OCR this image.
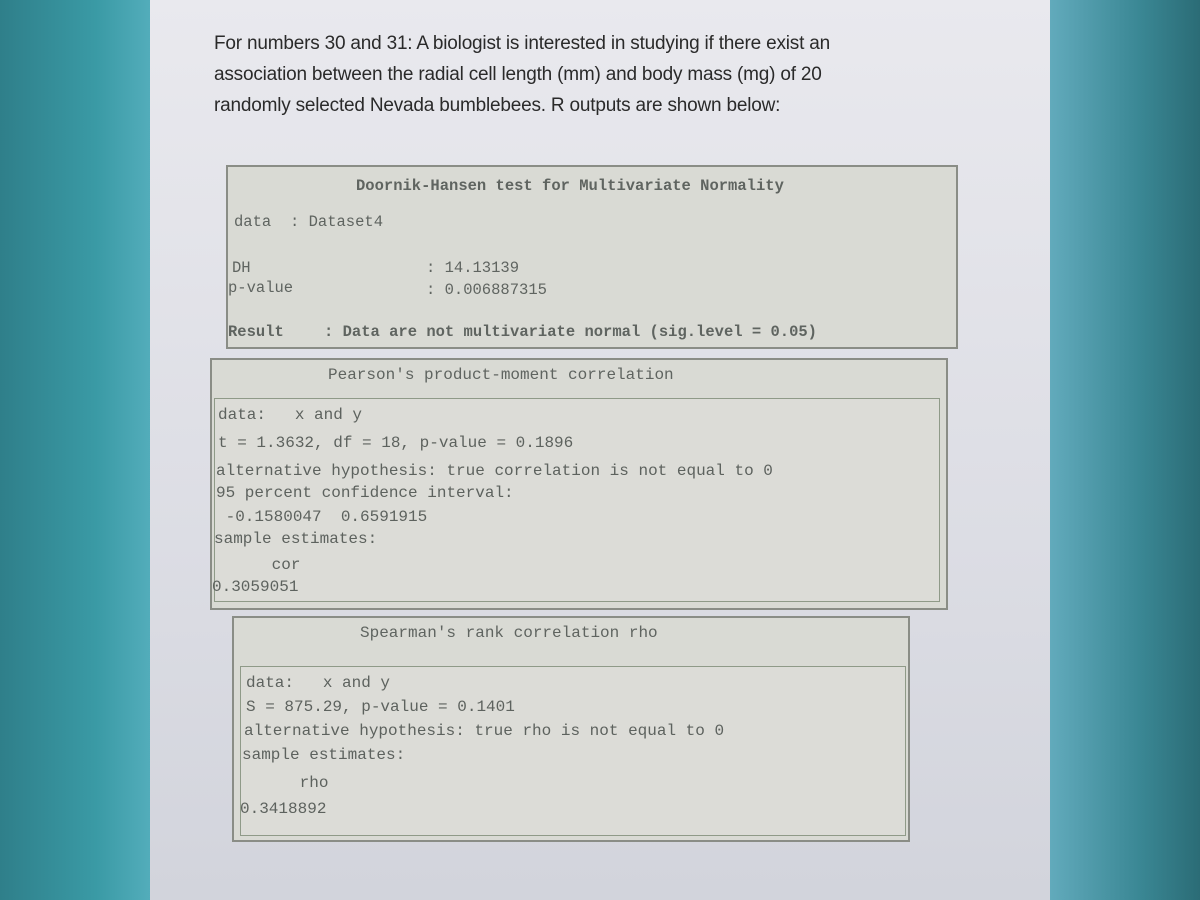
For numbers 30 and 31: A biologist is interested in studying if there exist an
association between the radial cell length (mm) and body mass (mg) of 20
randomly selected Nevada bumblebees. R outputs are shown below:
Doornik-Hansen test for Multivariate Normality
data : Dataset4
DH	: 14.13139
p-value	: 0.006887315
Result	: Data are not multivariate normal (sig.level = 0.05)
Pearson's product-moment correlation
data:   x and y
t = 1.3632, df = 18, p-value = 0.1896
alternative hypothesis: true correlation is not equal to 0
95 percent confidence interval:
-0.1580047  0.6591915
sample estimates:
cor
0.3059051
Spearman's rank correlation rho
data:   x and y
S = 875.29, p-value = 0.1401
alternative hypothesis: true rho is not equal to 0
sample estimates:
rho
0.3418892
